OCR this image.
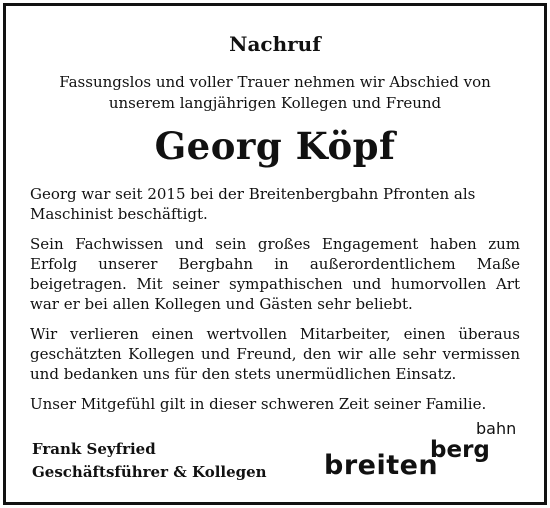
Nachruf
Fassungslos und voller Trauer nehmen wir Abschied von
unserem langjährigen Kollegen und Freund
Georg Köpf

Georg war seit 2015 bei der Breitenbergbahn Pfronten als Maschinist beschäftigt.

Sein Fachwissen und sein großes Engagement haben zum Erfolg unserer Bergbahn in außerordentlichem Maße beigetragen. Mit seiner sympathischen und humorvollen Art war er bei allen Kollegen und Gästen sehr beliebt.

Wir verlieren einen wertvollen Mitarbeiter, einen überaus geschätzten Kollegen und Freund, den wir alle sehr vermissen und bedanken uns für den stets unermüdlichen Einsatz.

Unser Mitgefühl gilt in dieser schweren Zeit seiner Familie.

Frank Seyfried
Geschäftsführer & Kollegen breiten
berg
bahn
